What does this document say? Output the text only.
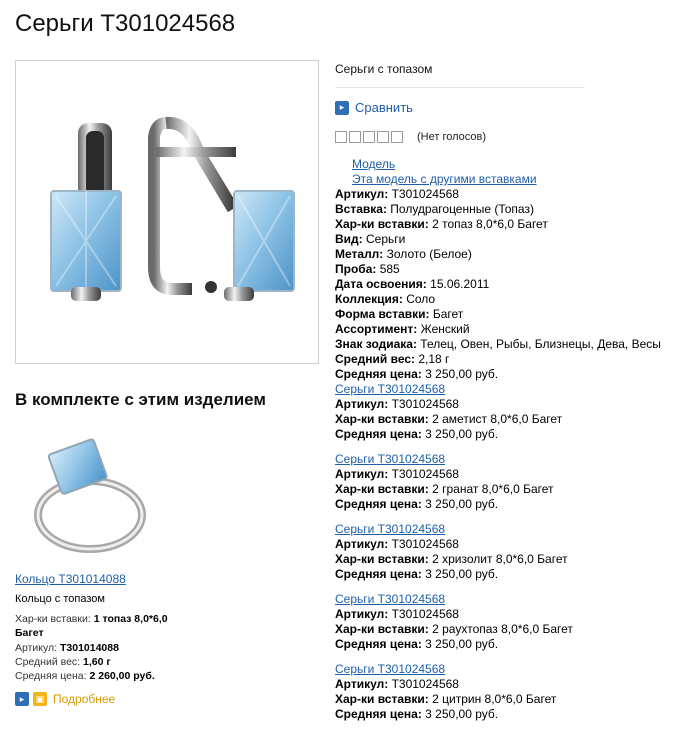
Серьги Т301024568
В комплекте с этим изделием
Кольцо Т301014088
Кольцо с топазом
Хар-ки вставки: 1 топаз 8,0*6,0 Багет
Артикул: Т301014088
Средний вес: 1,60 г
Средняя цена: 2 260,00 руб.
▸	▣ Подробнее
Серьги с топазом
▸ Сравнить
(Нет голосов)
Модель
Эта модель с другими вставками
Артикул: Т301024568
Вставка: Полудрагоценные (Топаз)
Хар-ки вставки: 2 топаз 8,0*6,0 Багет
Вид: Серьги
Металл: Золото (Белое)
Проба: 585
Дата освоения: 15.06.2011
Коллекция: Соло
Форма вставки: Багет
Ассортимент: Женский
Знак зодиака: Телец, Овен, Рыбы, Близнецы, Дева, Весы
Средний вес: 2,18 г
Средняя цена: 3 250,00 руб.
Серьги Т301024568
Артикул: Т301024568
Хар-ки вставки: 2 аметист 8,0*6,0 Багет
Средняя цена: 3 250,00 руб.
Серьги Т301024568
Артикул: Т301024568
Хар-ки вставки: 2 гранат 8,0*6,0 Багет
Средняя цена: 3 250,00 руб.
Серьги Т301024568
Артикул: Т301024568
Хар-ки вставки: 2 хризолит 8,0*6,0 Багет
Средняя цена: 3 250,00 руб.
Серьги Т301024568
Артикул: Т301024568
Хар-ки вставки: 2 раухтопаз 8,0*6,0 Багет
Средняя цена: 3 250,00 руб.
Серьги Т301024568
Артикул: Т301024568
Хар-ки вставки: 2 цитрин 8,0*6,0 Багет
Средняя цена: 3 250,00 руб.
